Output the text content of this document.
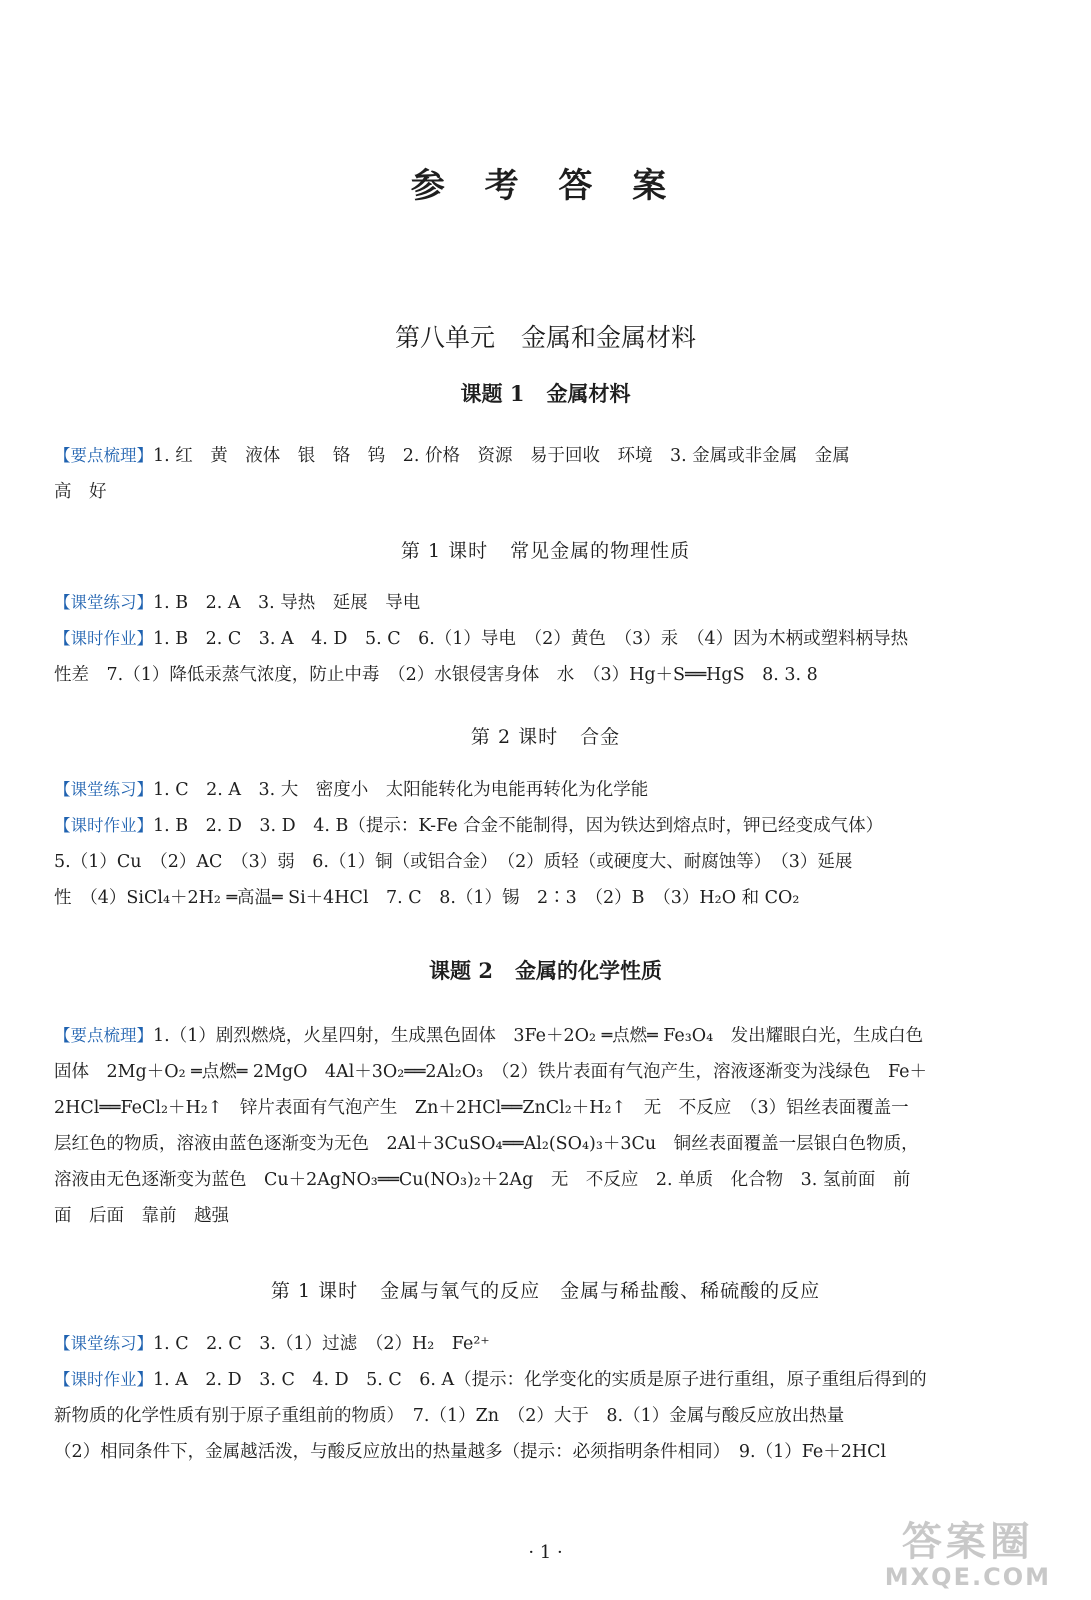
参 考 答 案
第八单元 金属和金属材料
课题 1 金属材料
【要点梳理】1. 红　黄　液体　银　铬　钨　2. 价格　资源　易于回收　环境　3. 金属或非金属　金属
高　好
第 1 课时 常见金属的物理性质
【课堂练习】1. B　2. A　3. 导热　延展　导电
【课时作业】1. B　2. C　3. A　4. D　5. C　6.（1）导电　（2）黄色　（3）汞　（4）因为木柄或塑料柄导热
性差　7.（1）降低汞蒸气浓度，防止中毒　（2）水银侵害身体　水　（3）Hg＋S══HgS　8. 3. 8
第 2 课时 合金
【课堂练习】1. C　2. A　3. 大　密度小　太阳能转化为电能再转化为化学能
【课时作业】1. B　2. D　3. D　4. B（提示：K-Fe 合金不能制得，因为铁达到熔点时，钾已经变成气体）
5.（1）Cu　（2）AC　（3）弱　6.（1）铜（或铝合金）　（2）质轻（或硬度大、耐腐蚀等）　（3）延展
性　（4）SiCl₄＋2H₂ ═高温═ Si＋4HCl　7. C　8.（1）锡　2∶3　（2）B　（3）H₂O 和 CO₂
课题 2 金属的化学性质
【要点梳理】1.（1）剧烈燃烧，火星四射，生成黑色固体　3Fe＋2O₂ ═点燃═ Fe₃O₄　发出耀眼白光，生成白色
固体　2Mg＋O₂ ═点燃═ 2MgO　4Al＋3O₂══2Al₂O₃　（2）铁片表面有气泡产生，溶液逐渐变为浅绿色　Fe＋
2HCl══FeCl₂＋H₂↑　锌片表面有气泡产生　Zn＋2HCl══ZnCl₂＋H₂↑　无　不反应　（3）铝丝表面覆盖一
层红色的物质，溶液由蓝色逐渐变为无色　2Al＋3CuSO₄══Al₂(SO₄)₃＋3Cu　铜丝表面覆盖一层银白色物质，
溶液由无色逐渐变为蓝色　Cu＋2AgNO₃══Cu(NO₃)₂＋2Ag　无　不反应　2. 单质　化合物　3. 氢前面　前
面　后面　靠前　越强
第 1 课时 金属与氧气的反应　金属与稀盐酸、稀硫酸的反应
【课堂练习】1. C　2. C　3.（1）过滤　（2）H₂　Fe²⁺
【课时作业】1. A　2. D　3. C　4. D　5. C　6. A（提示：化学变化的实质是原子进行重组，原子重组后得到的
新物质的化学性质有别于原子重组前的物质）　7.（1）Zn　（2）大于　8.（1）金属与酸反应放出热量
（2）相同条件下，金属越活泼，与酸反应放出的热量越多（提示：必须指明条件相同）　9.（1）Fe＋2HCl
· 1 ·	答案圈
MXQE.COM
